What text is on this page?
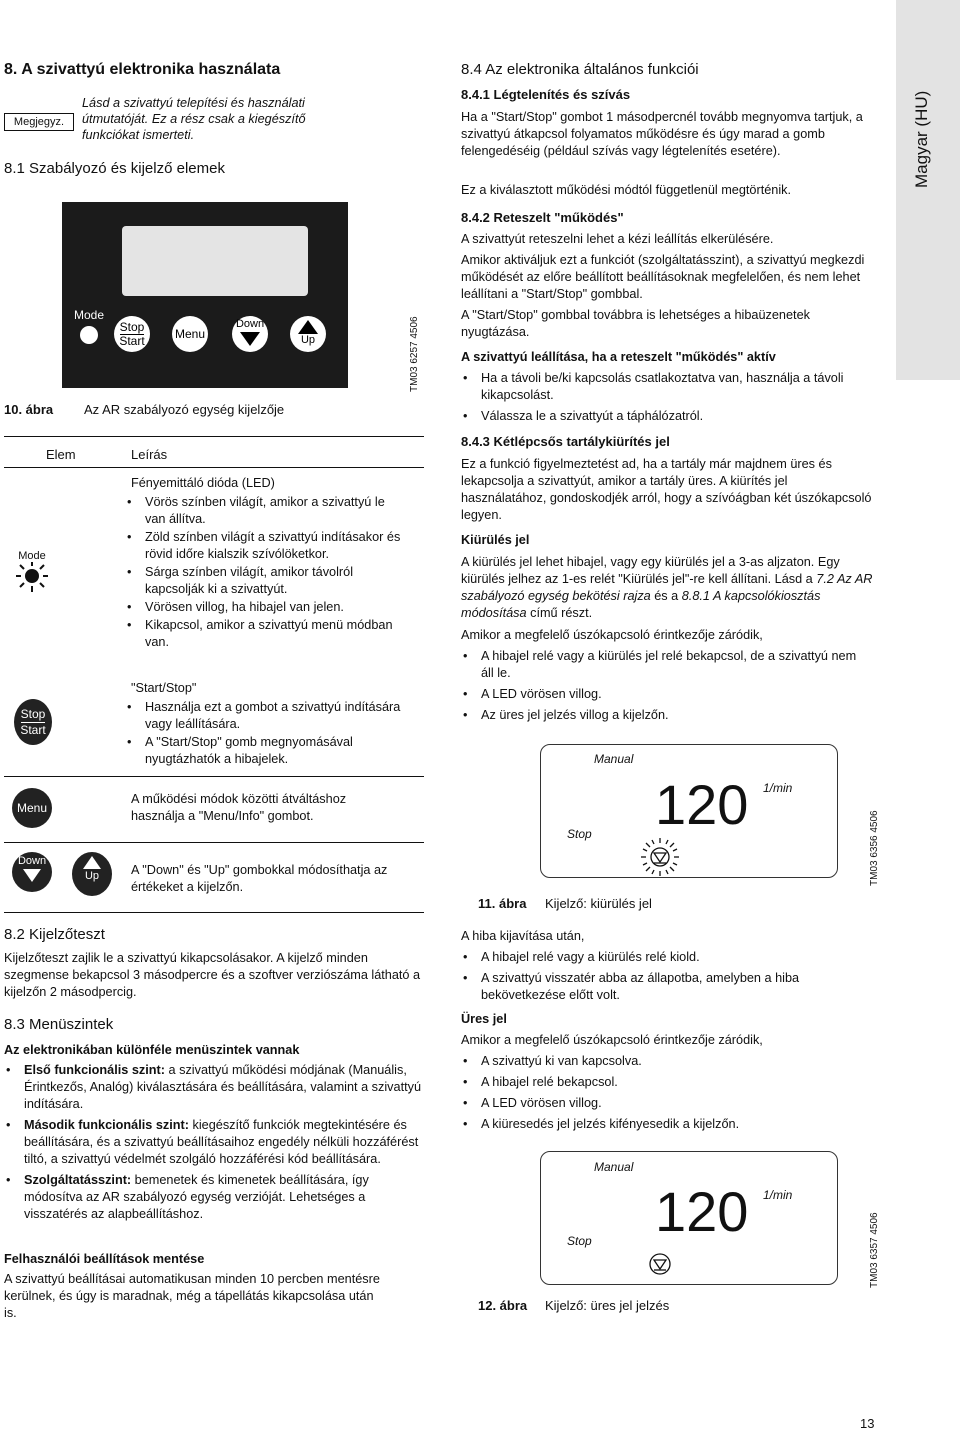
Magyar (HU)
8. A szivattyú elektronika használata
Megjegyz.
Lásd a szivattyú telepítési és használati útmutatóját. Ez a rész csak a kiegészítő funkciókat ismerteti.
8.1 Szabályozó és kijelző elemek
Mode
Stop
Start	Menu
Down
Up	TM03 6257 4506
10. ábra Az AR szabályozó egység kijelzője
Elem	Leírás
Mode
Fényemittáló dióda (LED)
• Vörös színben világít, amikor a szivattyú le van állítva.
• Zöld színben világít a szivattyú indításakor és rövid időre kialszik szívólöketkor.
• Sárga színben világít, amikor távolról kapcsolják ki a szivattyút.
• Vörösen villog, ha hibajel van jelen.
• Kikapcsol, amikor a szivattyú menü módban van.
Stop
Start
"Start/Stop"
• Használja ezt a gombot a szivattyú indítására vagy leállítására.
• A "Start/Stop" gomb megnyomásával nyugtázhatók a hibajelek.
Menu
A működési módok közötti átváltáshoz használja a "Menu/Info" gombot.
Down
Up	A "Down" és "Up" gombokkal módosíthatja az értékeket a kijelzőn.
8.2 Kijelzőteszt
Kijelzőteszt zajlik le a szivattyú kikapcsolásakor. A kijelző minden szegmense bekapcsol 3 másodpercre és a szoftver verziószáma látható a kijelzőn 2 másodpercig.
8.3 Menüszintek
Az elektronikában különféle menüszintek vannak
• Első funkcionális szint: a szivattyú működési módjának (Manuális, Érintkezős, Analóg) kiválasztására és beállítására, valamint a szivattyú indítására.
• Második funkcionális szint: kiegészítő funkciók megtekintésére és beállítására, és a szivattyú beállításaihoz engedély nélküli hozzáférést tiltó, a szivattyú védelmét szolgáló hozzáférési kód beállítására.
• Szolgáltatásszint: bemenetek és kimenetek beállítására, így módosítva az AR szabályozó egység verzióját. Lehetséges a visszatérés az alapbeállításhoz.
Felhasználói beállítások mentése
A szivattyú beállításai automatikusan minden 10 percben mentésre kerülnek, és úgy is maradnak, még a tápellátás kikapcsolása után is.
8.4 Az elektronika általános funkciói
8.4.1 Légtelenítés és szívás
Ha a "Start/Stop" gombot 1 másodpercnél tovább megnyomva tartjuk, a szivattyú átkapcsol folyamatos működésre és úgy marad a gomb felengedéséig (például szívás vagy légtelenítés esetére).
Ez a kiválasztott működési módtól függetlenül megtörténik.
8.4.2 Reteszelt "működés"
A szivattyút reteszelni lehet a kézi leállítás elkerülésére.
Amikor aktiváljuk ezt a funkciót (szolgáltatásszint), a szivattyú megkezdi működését az előre beállított beállításoknak megfelelően, és nem lehet leállítani a "Start/Stop" gombbal.
A "Start/Stop" gombbal továbbra is lehetséges a hibaüzenetek nyugtázása.
A szivattyú leállítása, ha a reteszelt "működés" aktív
• Ha a távoli be/ki kapcsolás csatlakoztatva van, használja a távoli kikapcsolást.
• Válassza le a szivattyút a táphálózatról.
8.4.3 Kétlépcsős tartálykiürítés jel
Ez a funkció figyelmeztetést ad, ha a tartály már majdnem üres és lekapcsolja a szivattyút, amikor a tartály üres. A kiürítés jel használatához, gondoskodjék arról, hogy a szívóágban két úszókapcsoló legyen.
Kiürülés jel
A kiürülés jel lehet hibajel, vagy egy kiürülés jel a 3-as aljzaton. Egy kiürülés jelhez az 1-es relét "Kiürülés jel"-re kell állítani. Lásd a 7.2 Az AR szabályozó egység bekötési rajza és a 8.8.1 A kapcsolókiosztás módosítása című részt.
Amikor a megfelelő úszókapcsoló érintkezője záródik,
• A hibajel relé vagy a kiürülés jel relé bekapcsol, de a szivattyú nem áll le.
• A LED vörösen villog.
• Az üres jel jelzés villog a kijelzőn.
Manual
120 1/min
Stop	TM03 6356 4506
11. ábra Kijelző: kiürülés jel
A hiba kijavítása után,
• A hibajel relé vagy a kiürülés relé kiold.
• A szivattyú visszatér abba az állapotba, amelyben a hiba bekövetkezése előtt volt.
Üres jel
Amikor a megfelelő úszókapcsoló érintkezője záródik,
• A szivattyú ki van kapcsolva.
• A hibajel relé bekapcsol.
• A LED vörösen villog.
• A kiüresedés jel jelzés kifényesedik a kijelzőn.
Manual
120 1/min
Stop	TM03 6357 4506
12. ábra Kijelző: üres jel jelzés
13
